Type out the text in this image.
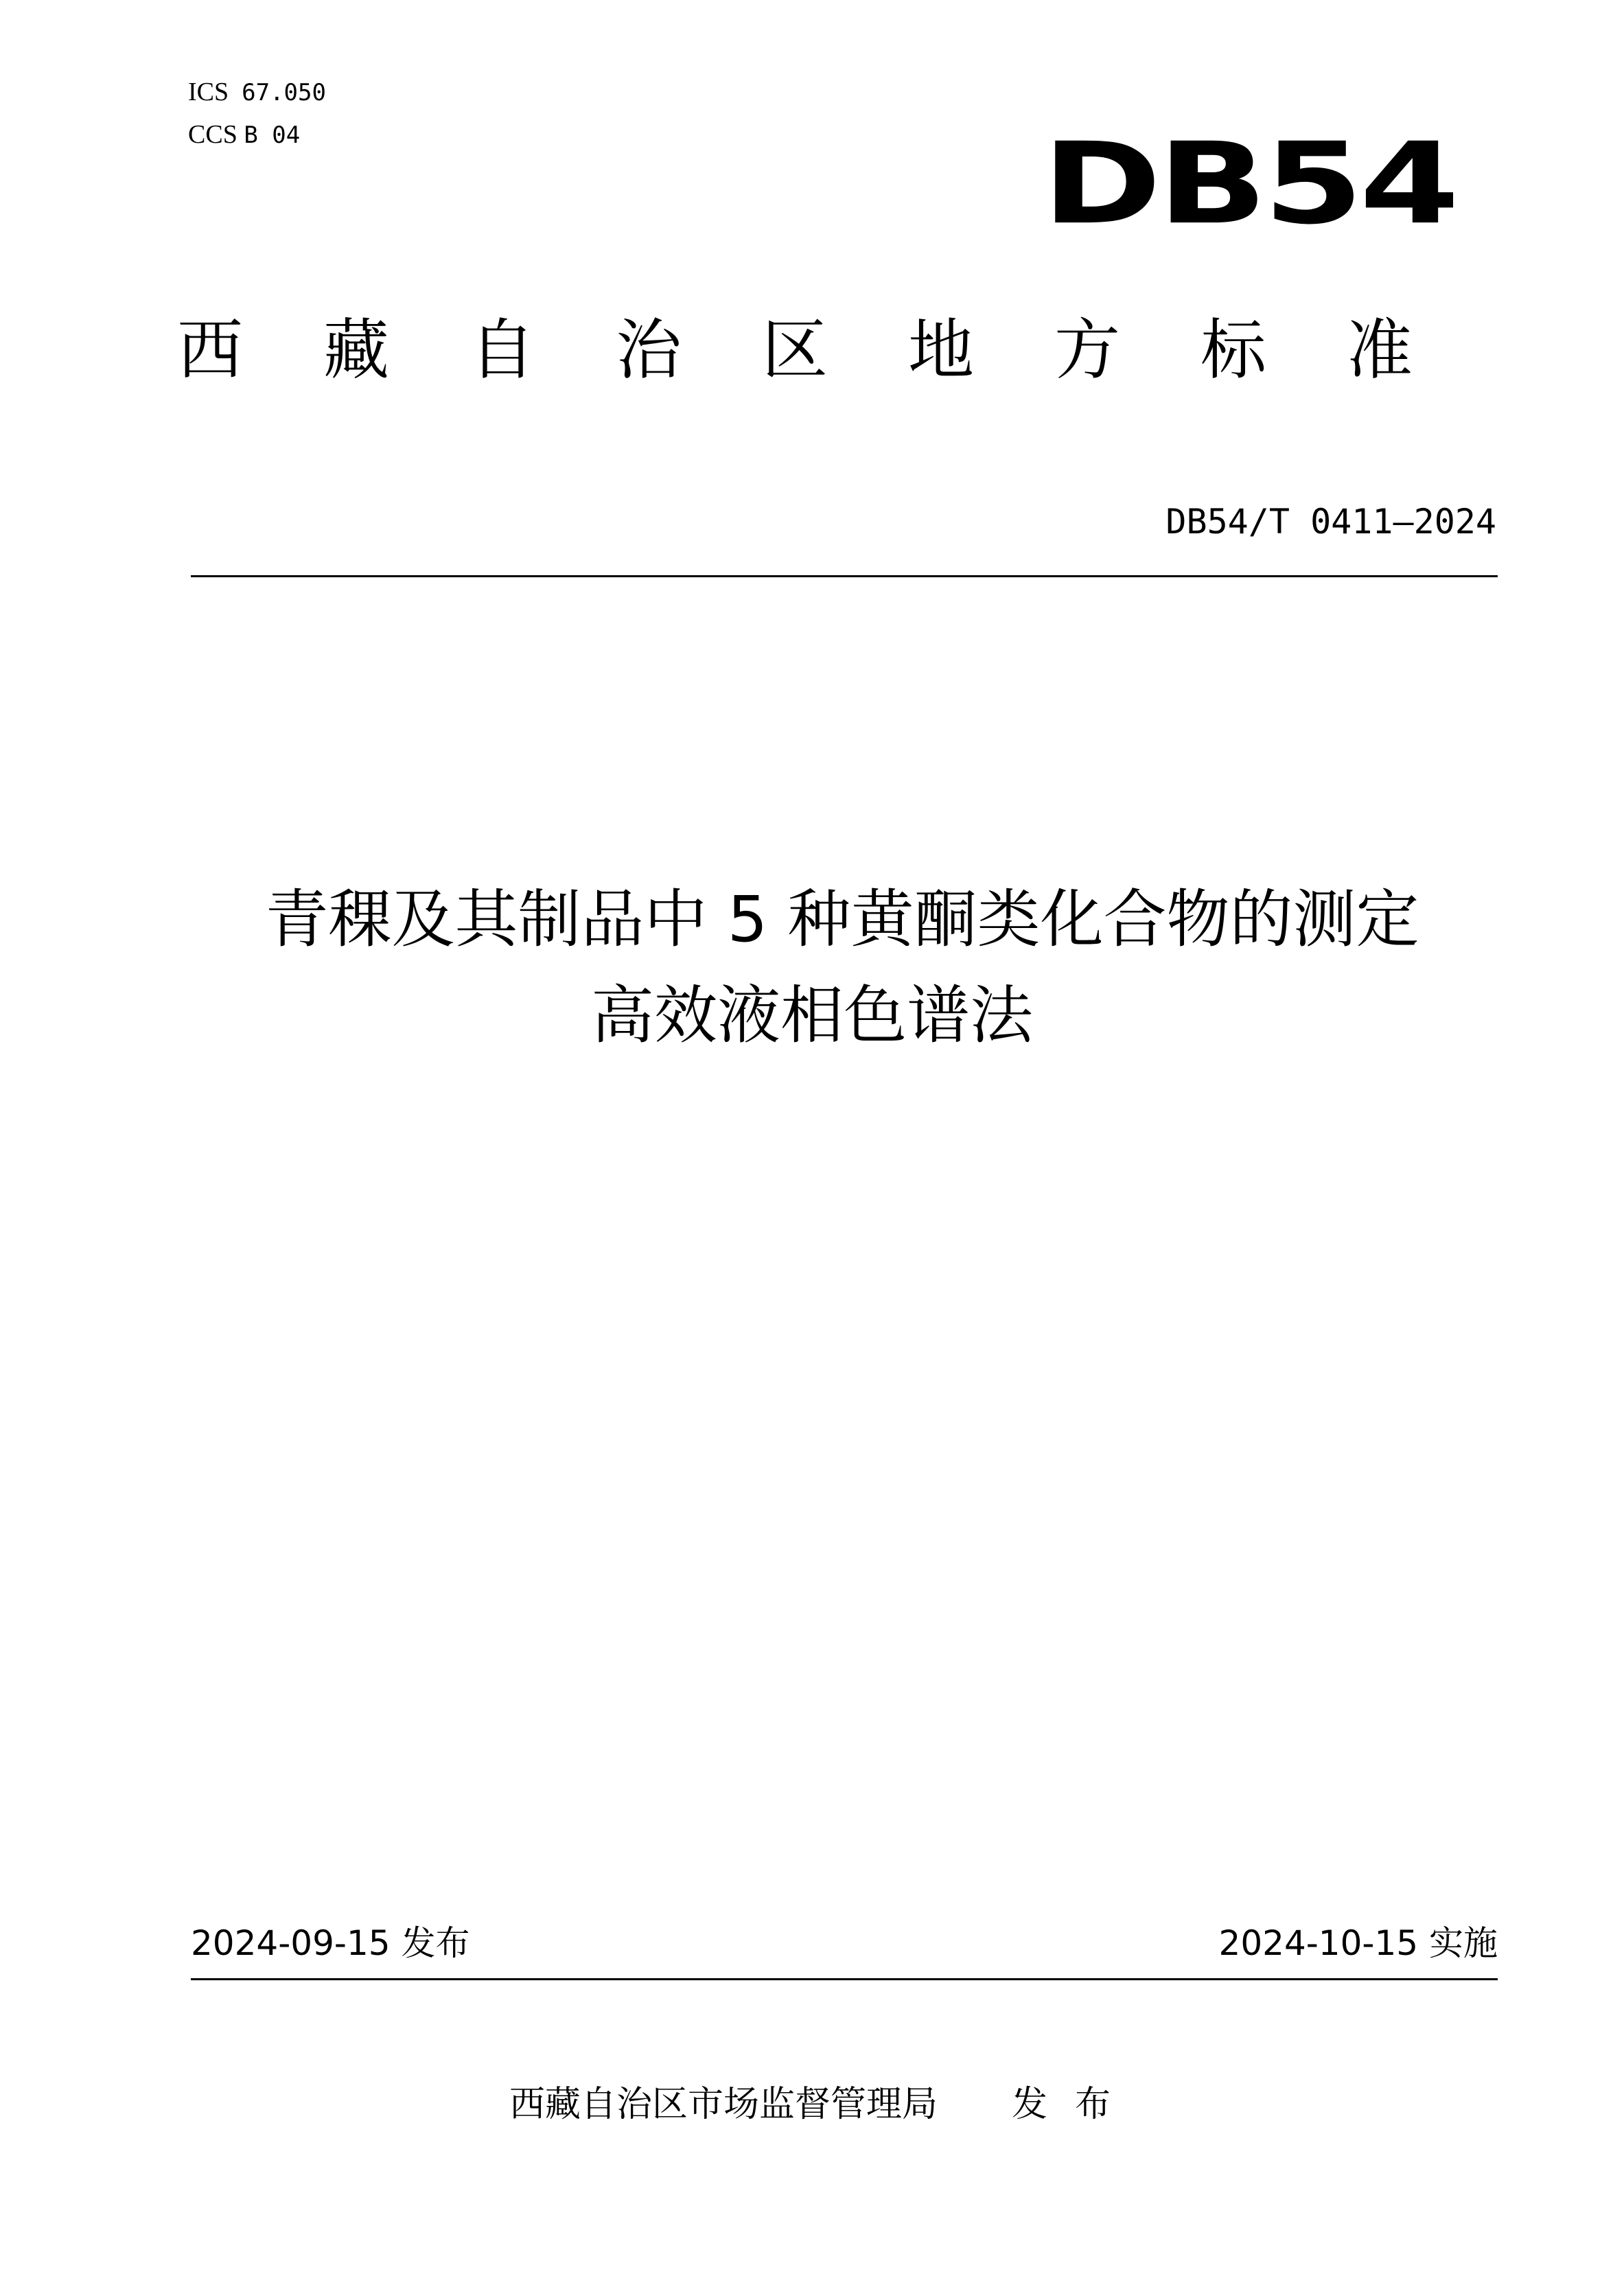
ICS 67.050
CCS B 04	DB54
西 藏 自 治 区 地 方 标 准
DB54/T 0411—2024
青稞及其制品中 5 种黄酮类化合物的测定
高效液相色谱法
2024-09-15 发布	2024-10-15 实施
西藏自治区市场监督管理局 发布
